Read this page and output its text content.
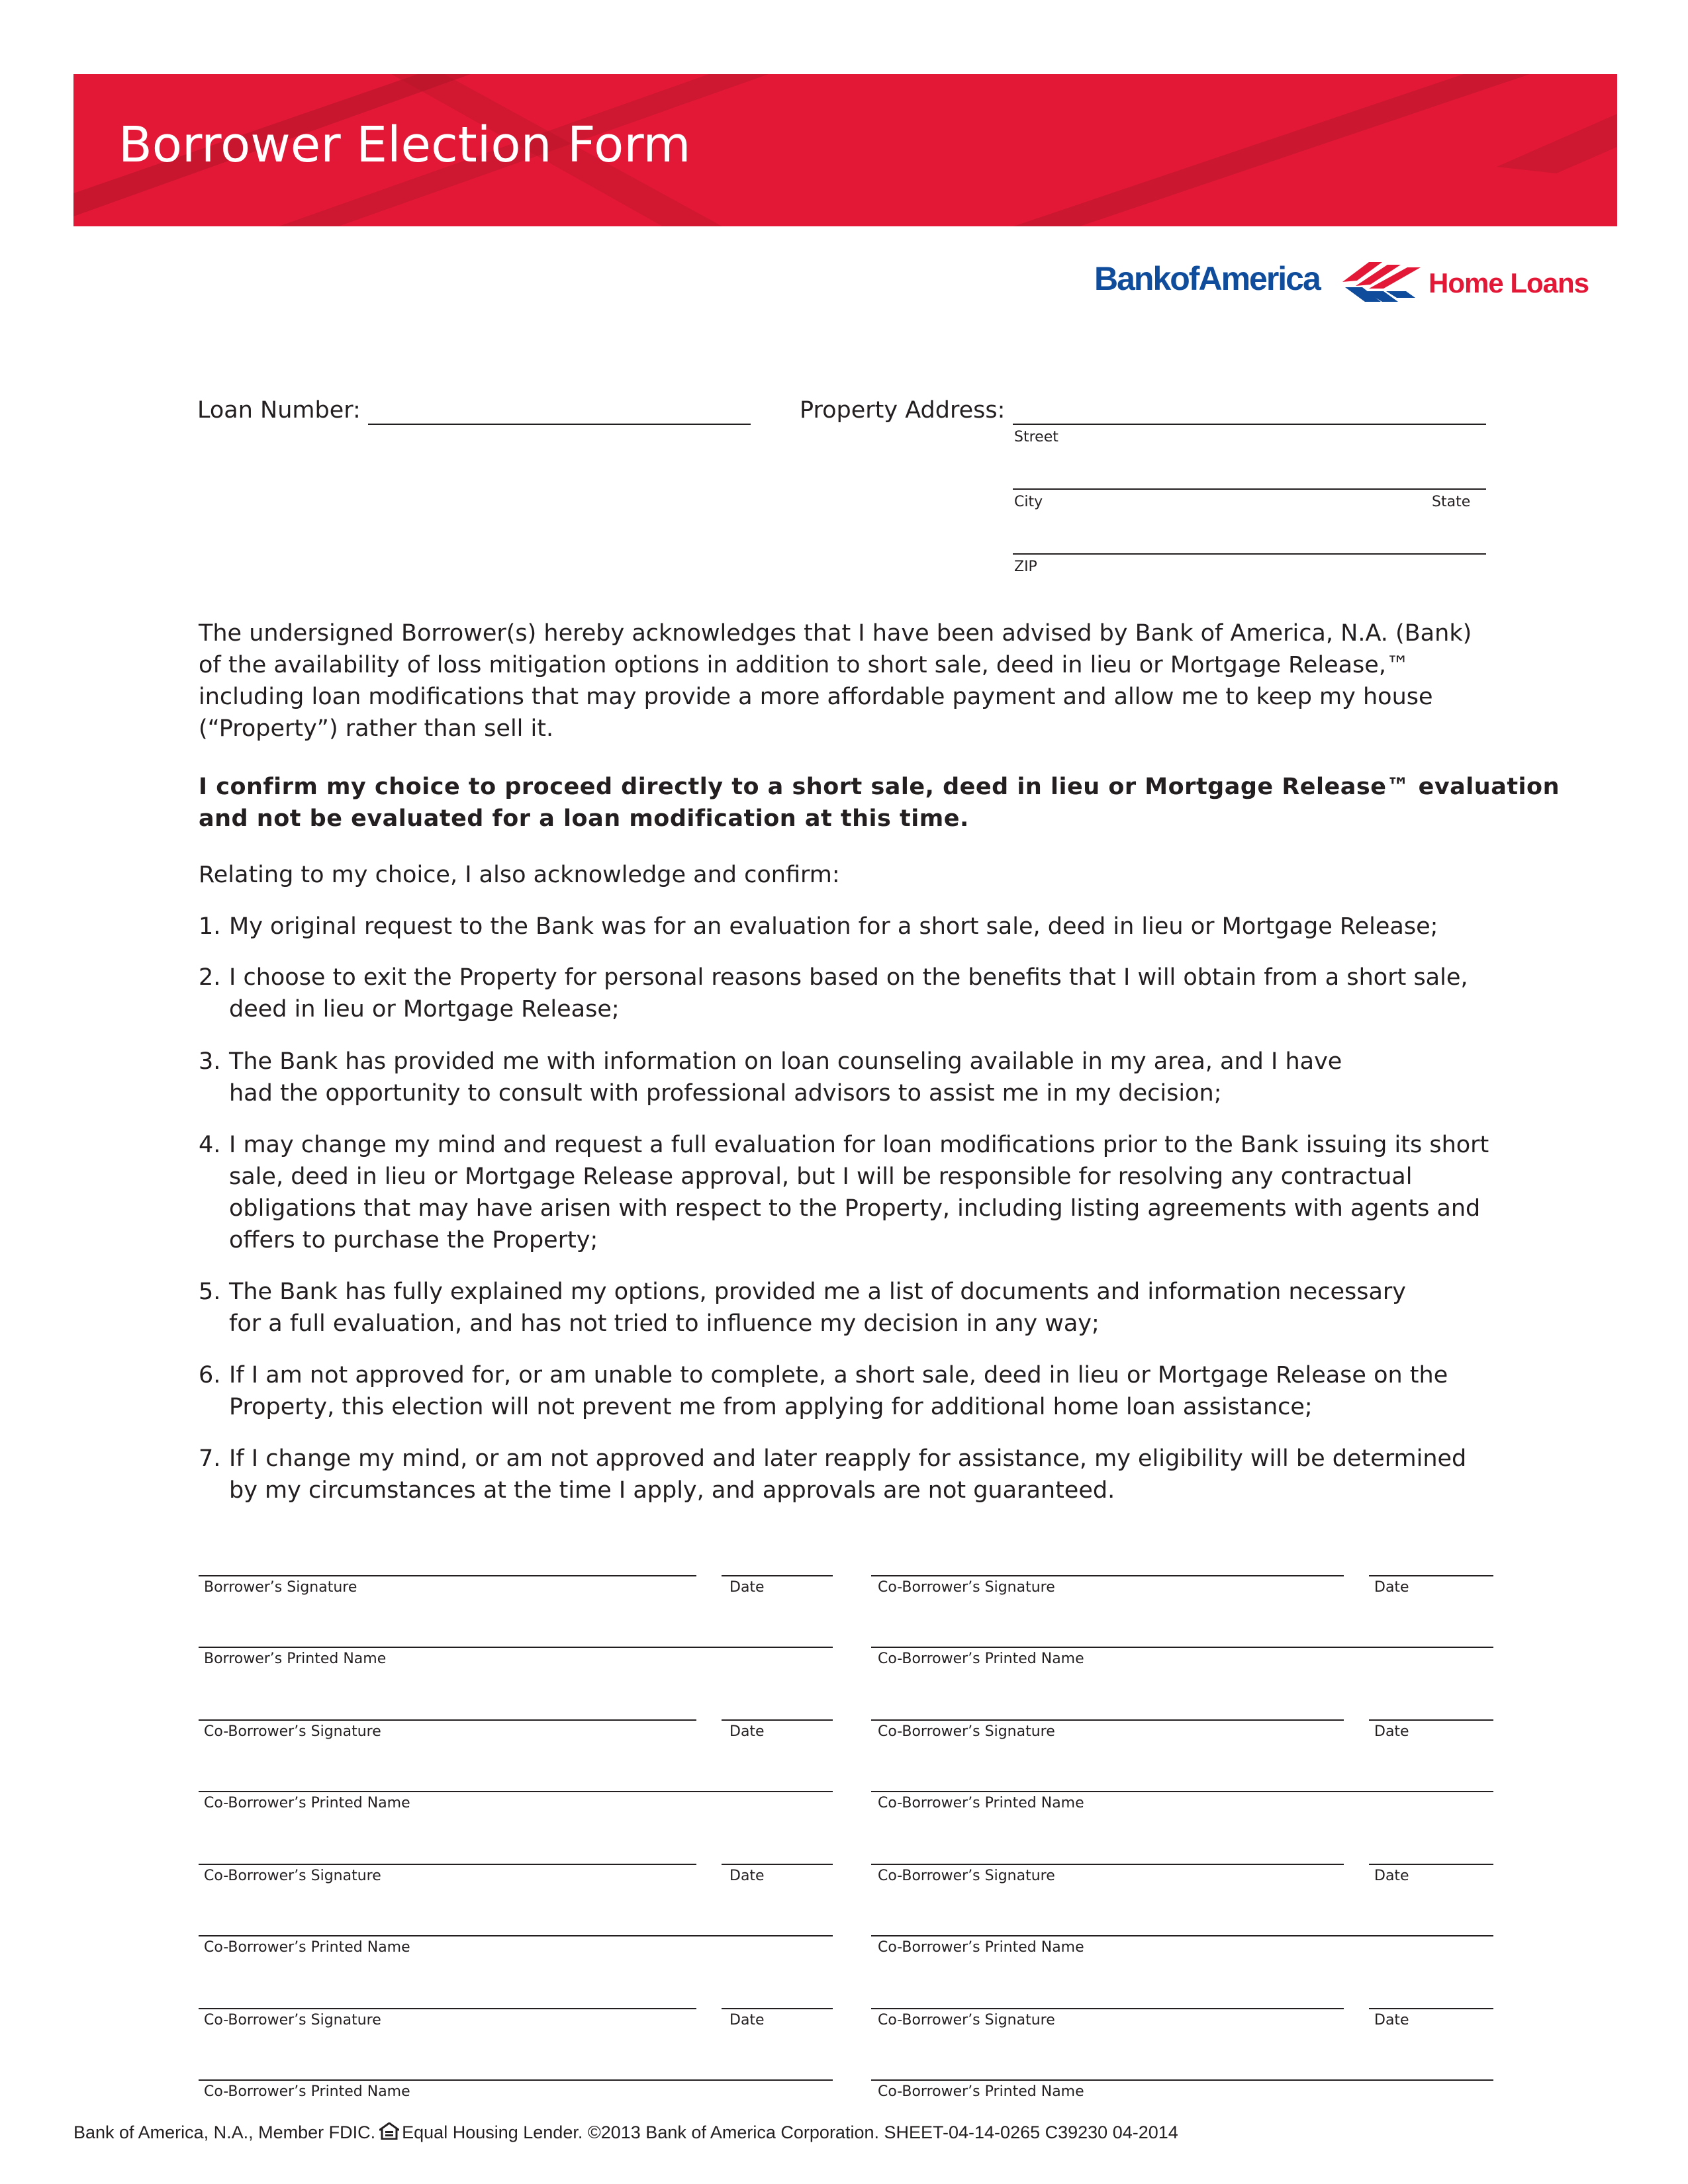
Borrower Election Form
BankofAmerica	Home Loans
Loan Number:	Property Address:
Street
City	State
ZIP

The undersigned Borrower(s) hereby acknowledges that I have been advised by Bank of America, N.A. (Bank) of the availability of loss mitigation options in addition to short sale, deed in lieu or Mortgage Release,™ including loan modifications that may provide a more affordable payment and allow me to keep my house (“Property”) rather than sell it.

I confirm my choice to proceed directly to a short sale, deed in lieu or Mortgage Release™ evaluation

and not be evaluated for a loan modification at this time.

Relating to my choice, I also acknowledge and confirm:

1. My original request to the Bank was for an evaluation for a short sale, deed in lieu or Mortgage Release;
2. I choose to exit the Property for personal reasons based on the benefits that I will obtain from a short sale, deed in lieu or Mortgage Release;
3. The Bank has provided me with information on loan counseling available in my area, and I have had the opportunity to consult with professional advisors to assist me in my decision;
4. I may change my mind and request a full evaluation for loan modifications prior to the Bank issuing its short sale, deed in lieu or Mortgage Release approval, but I will be responsible for resolving any contractual obligations that may have arisen with respect to the Property, including listing agreements with agents and offers to purchase the Property;
5. The Bank has fully explained my options, provided me a list of documents and information necessary for a full evaluation, and has not tried to influence my decision in any way;
6. If I am not approved for, or am unable to complete, a short sale, deed in lieu or Mortgage Release on the Property, this election will not prevent me from applying for additional home loan assistance;
7. If I change my mind, or am not approved and later reapply for assistance, my eligibility will be determined by my circumstances at the time I apply, and approvals are not guaranteed.
Borrower’s Signature	Date	Co-Borrower’s Signature	Date
Borrower’s Printed Name	Co-Borrower’s Printed Name
Co-Borrower’s Signature	Date	Co-Borrower’s Signature	Date
Co-Borrower’s Printed Name	Co-Borrower’s Printed Name
Co-Borrower’s Signature	Date	Co-Borrower’s Signature	Date
Co-Borrower’s Printed Name	Co-Borrower’s Printed Name
Co-Borrower’s Signature	Date	Co-Borrower’s Signature	Date
Co-Borrower’s Printed Name	Co-Borrower’s Printed Name
Bank of America, N.A., Member FDIC. Equal Housing Lender. ©2013 Bank of America Corporation. SHEET-04-14-0265 C39230 04-2014
